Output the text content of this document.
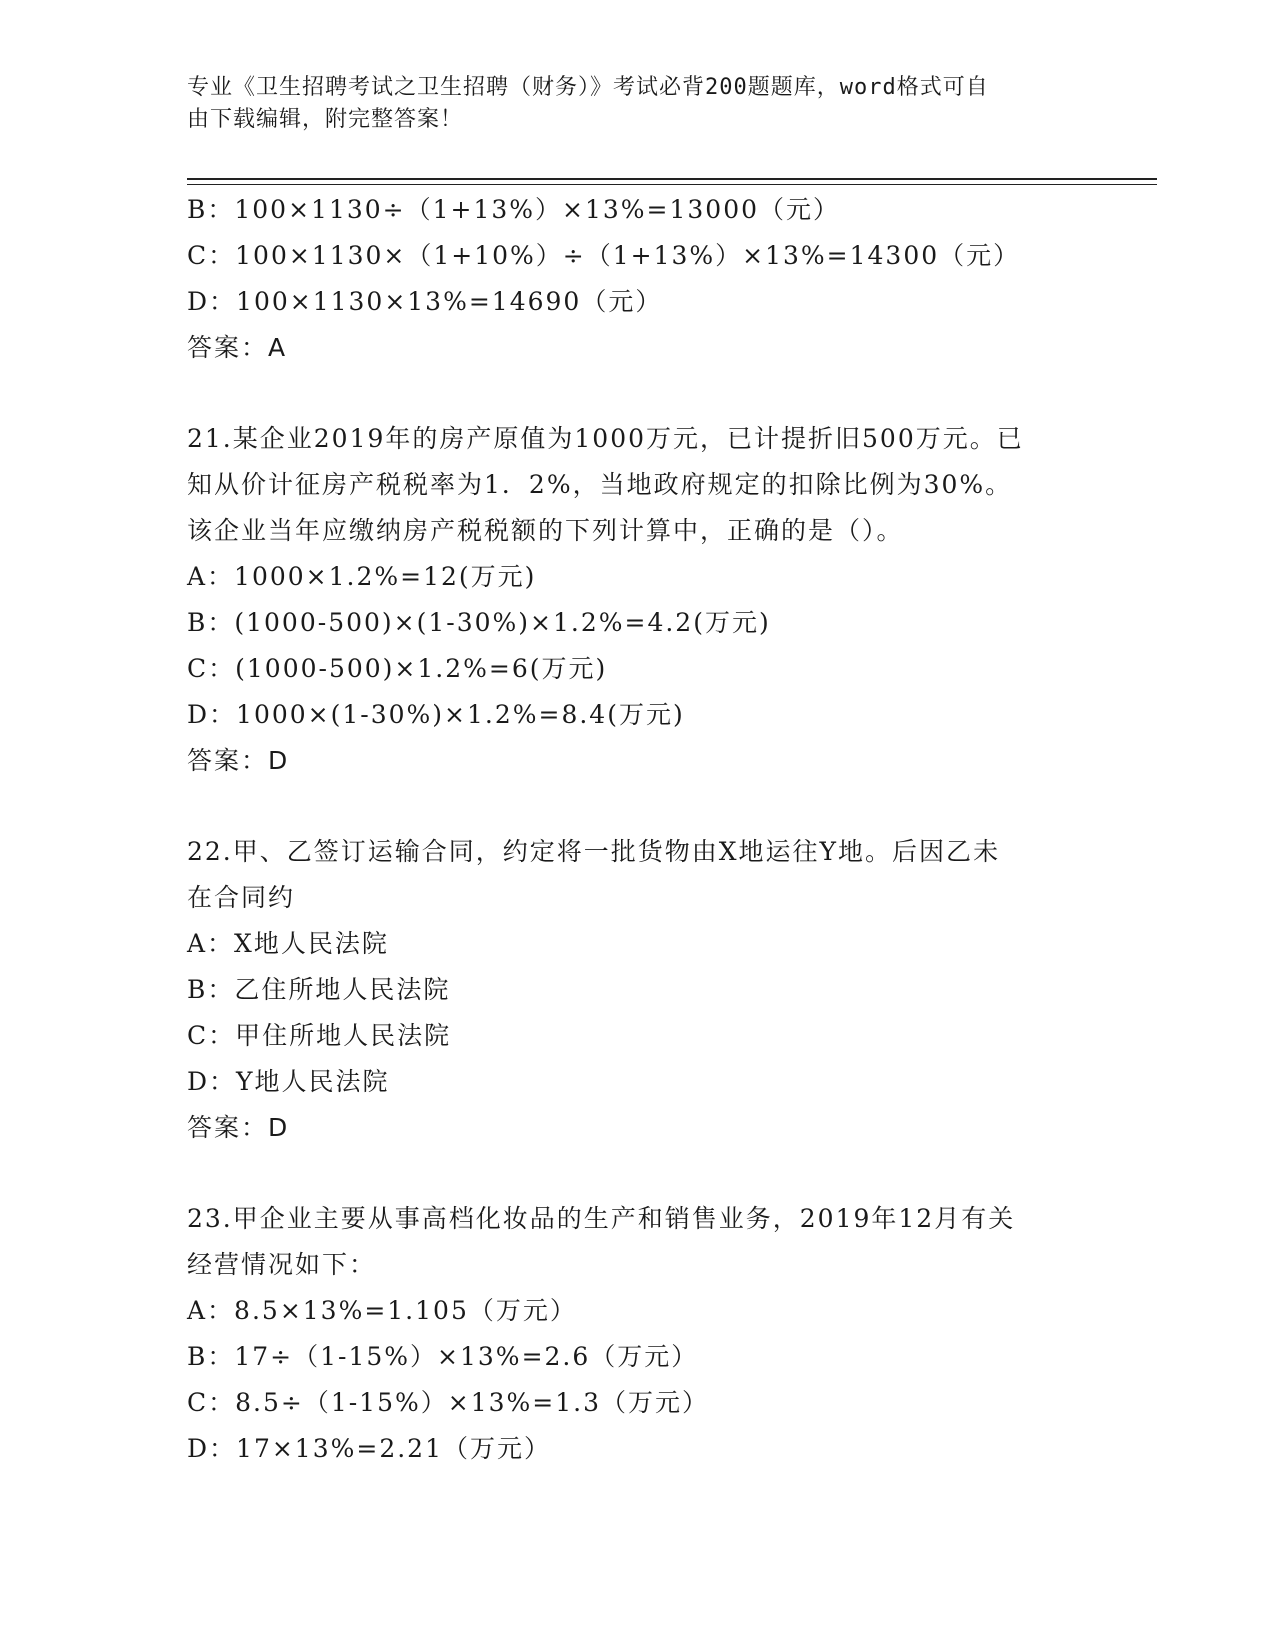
专业《卫生招聘考试之卫生招聘（财务）》考试必背200题题库，word格式可自
由下载编辑，附完整答案！
B：100×1130÷（1+13%）×13%=13000（元）
C：100×1130×（1+10%）÷（1+13%）×13%=14300（元）
D：100×1130×13%=14690（元）
答案：A
21.某企业2019年的房产原值为1000万元，已计提折旧500万元。已
知从价计征房产税税率为1．2%，当地政府规定的扣除比例为30%。
该企业当年应缴纳房产税税额的下列计算中，正确的是（）。
A：1000×1.2%=12(万元)
B：(1000-500)×(1-30%)×1.2%=4.2(万元)
C：(1000-500)×1.2%=6(万元)
D：1000×(1-30%)×1.2%=8.4(万元)
答案：D
22.甲、乙签订运输合同，约定将一批货物由X地运往Y地。后因乙未
在合同约
A：X地人民法院
B：乙住所地人民法院
C：甲住所地人民法院
D：Y地人民法院
答案：D
23.甲企业主要从事高档化妆品的生产和销售业务，2019年12月有关
经营情况如下：
A：8.5×13%=1.105（万元）
B：17÷（1-15%）×13%=2.6（万元）
C：8.5÷（1-15%）×13%=1.3（万元）
D：17×13%=2.21（万元）
